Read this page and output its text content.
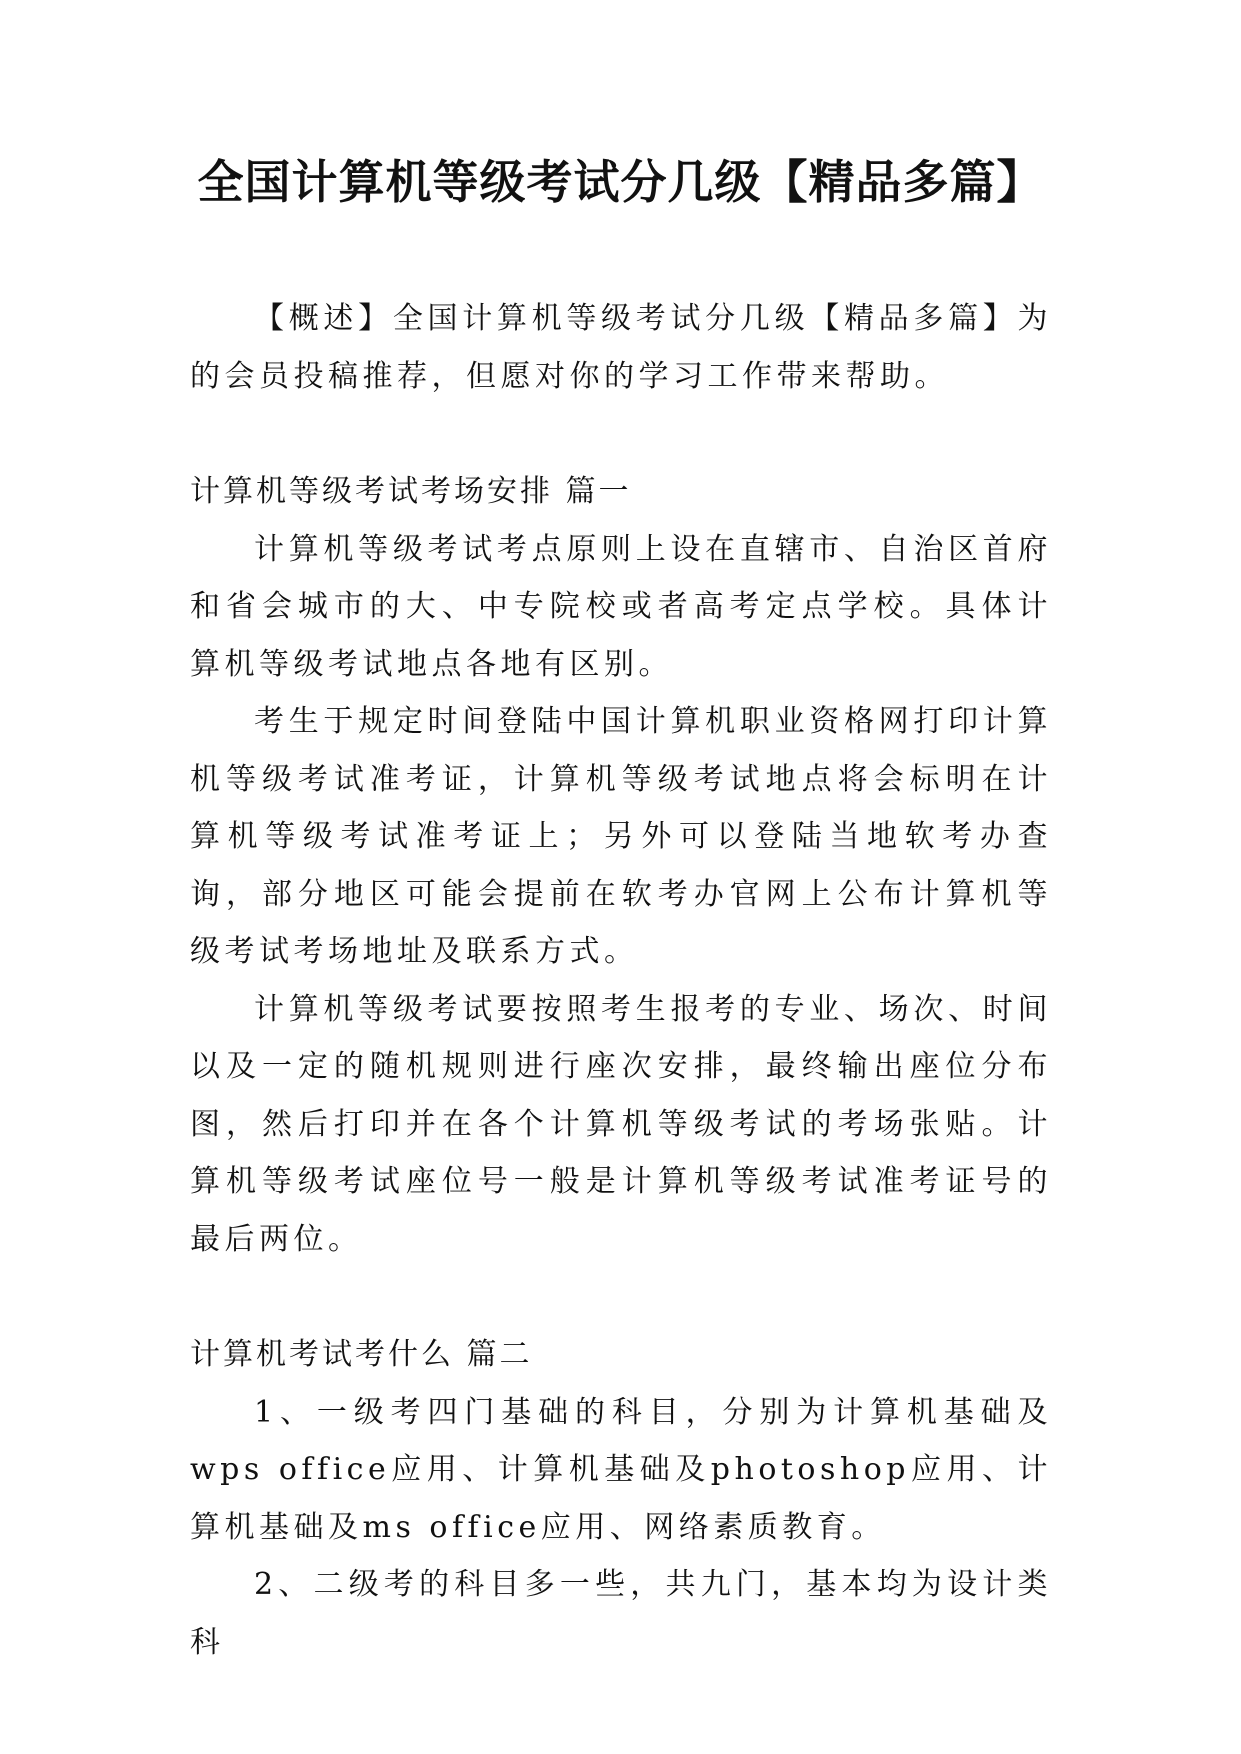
全国计算机等级考试分几级【精品多篇】

【概述】全国计算机等级考试分几级【精品多篇】为的会员投稿推荐，但愿对你的学习工作带来帮助。

计算机等级考试考场安排 篇一

计算机等级考试考点原则上设在直辖市、自治区首府和省会城市的大、中专院校或者高考定点学校。具体计算机等级考试地点各地有区别。

考生于规定时间登陆中国计算机职业资格网打印计算机等级考试准考证，计算机等级考试地点将会标明在计算机等级考试准考证上；另外可以登陆当地软考办查询，部分地区可能会提前在软考办官网上公布计算机等级考试考场地址及联系方式。

计算机等级考试要按照考生报考的专业、场次、时间以及一定的随机规则进行座次安排，最终输出座位分布图，然后打印并在各个计算机等级考试的考场张贴。计算机等级考试座位号一般是计算机等级考试准考证号的最后两位。

计算机考试考什么 篇二

1、一级考四门基础的科目，分别为计算机基础及wps office应用、计算机基础及photoshop应用、计算机基础及ms office应用、网络素质教育。

2、二级考的科目多一些，共九门，基本均为设计类科
